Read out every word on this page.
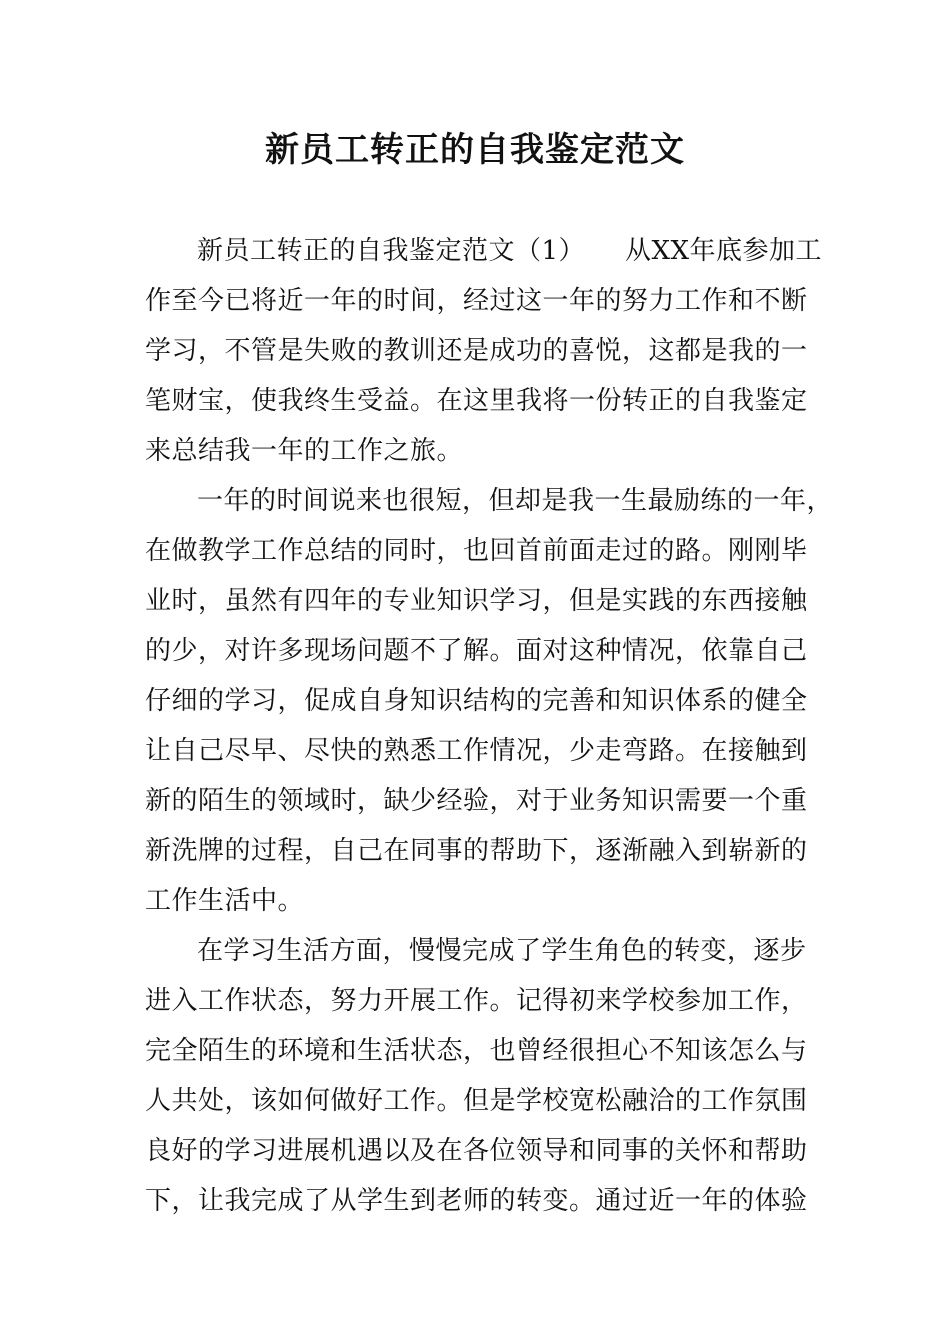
新员工转正的自我鉴定范文
新员工转正的自我鉴定范文（1）　　从XX年底参加工
作至今已将近一年的时间，经过这一年的努力工作和不断
学习，不管是失败的教训还是成功的喜悦，这都是我的一
笔财宝，使我终生受益。在这里我将一份转正的自我鉴定
来总结我一年的工作之旅。
一年的时间说来也很短，但却是我一生最励练的一年，
在做教学工作总结的同时，也回首前面走过的路。刚刚毕
业时，虽然有四年的专业知识学习，但是实践的东西接触
的少，对许多现场问题不了解。面对这种情况，依靠自己
仔细的学习，促成自身知识结构的完善和知识体系的健全
让自己尽早、尽快的熟悉工作情况，少走弯路。在接触到
新的陌生的领域时，缺少经验，对于业务知识需要一个重
新洗牌的过程，自己在同事的帮助下，逐渐融入到崭新的
工作生活中。
在学习生活方面，慢慢完成了学生角色的转变，逐步
进入工作状态，努力开展工作。记得初来学校参加工作，
完全陌生的环境和生活状态，也曾经很担心不知该怎么与
人共处，该如何做好工作。但是学校宽松融洽的工作氛围
良好的学习进展机遇以及在各位领导和同事的关怀和帮助
下，让我完成了从学生到老师的转变。通过近一年的体验
